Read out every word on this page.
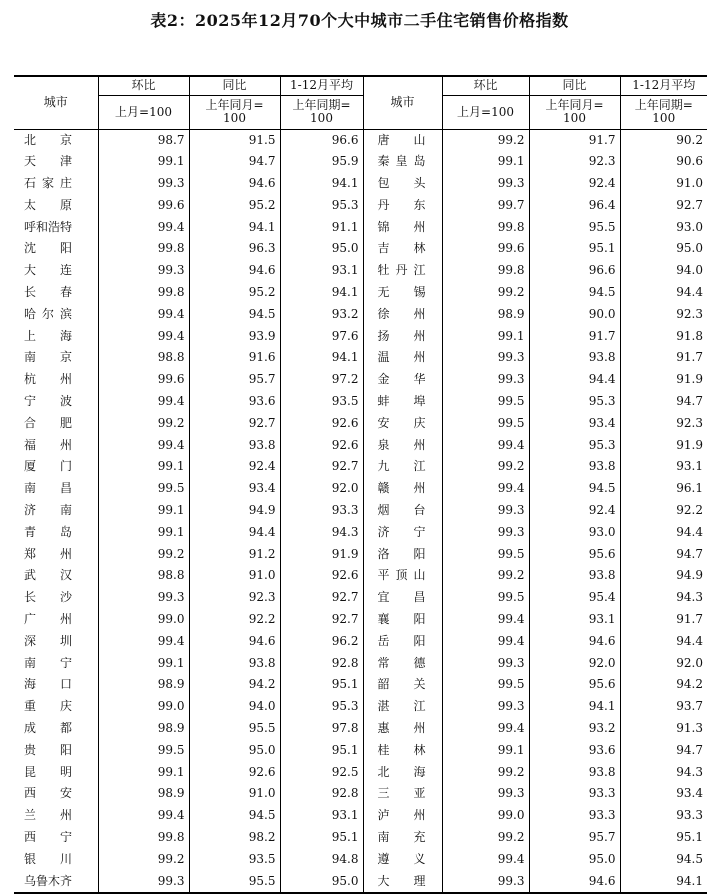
表2：2025年12月70个大中城市二手住宅销售价格指数
城市	环比	同比	1-12月平均	城市	环比	同比	1-12月平均
	上月=100	上年同月=100	上年同期=100		上月=100	上年同月=100	上年同期=100

北 京	98.7	91.5	96.6	唐 山	99.2	91.7	90.2
天 津	99.1	94.7	95.9	秦 皇 岛	99.1	92.3	90.6
石 家 庄	99.3	94.6	94.1	包 头	99.3	92.4	91.0
太 原	99.6	95.2	95.3	丹 东	99.7	96.4	92.7
呼和浩特	99.4	94.1	91.1	锦 州	99.8	95.5	93.0
沈 阳	99.8	96.3	95.0	吉 林	99.6	95.1	95.0
大 连	99.3	94.6	93.1	牡 丹 江	99.8	96.6	94.0
长 春	99.8	95.2	94.1	无 锡	99.2	94.5	94.4
哈 尔 滨	99.4	94.5	93.2	徐 州	98.9	90.0	92.3
上 海	99.4	93.9	97.6	扬 州	99.1	91.7	91.8
南 京	98.8	91.6	94.1	温 州	99.3	93.8	91.7
杭 州	99.6	95.7	97.2	金 华	99.3	94.4	91.9
宁 波	99.4	93.6	93.5	蚌 埠	99.5	95.3	94.7
合 肥	99.2	92.7	92.6	安 庆	99.5	93.4	92.3
福 州	99.4	93.8	92.6	泉 州	99.4	95.3	91.9
厦 门	99.1	92.4	92.7	九 江	99.2	93.8	93.1
南 昌	99.5	93.4	92.0	赣 州	99.4	94.5	96.1
济 南	99.1	94.9	93.3	烟 台	99.3	92.4	92.2
青 岛	99.1	94.4	94.3	济 宁	99.3	93.0	94.4
郑 州	99.2	91.2	91.9	洛 阳	99.5	95.6	94.7
武 汉	98.8	91.0	92.6	平 顶 山	99.2	93.8	94.9
长 沙	99.3	92.3	92.7	宜 昌	99.5	95.4	94.3
广 州	99.0	92.2	92.7	襄 阳	99.4	93.1	91.7
深 圳	99.4	94.6	96.2	岳 阳	99.4	94.6	94.4
南 宁	99.1	93.8	92.8	常 德	99.3	92.0	92.0
海 口	98.9	94.2	95.1	韶 关	99.5	95.6	94.2
重 庆	99.0	94.0	95.3	湛 江	99.3	94.1	93.7
成 都	98.9	95.5	97.8	惠 州	99.4	93.2	91.3
贵 阳	99.5	95.0	95.1	桂 林	99.1	93.6	94.7
昆 明	99.1	92.6	92.5	北 海	99.2	93.8	94.3
西 安	98.9	91.0	92.8	三 亚	99.3	93.3	93.4
兰 州	99.4	94.5	93.1	泸 州	99.0	93.3	93.3
西 宁	99.8	98.2	95.1	南 充	99.2	95.7	95.1
银 川	99.2	93.5	94.8	遵 义	99.4	95.0	94.5
乌鲁木齐	99.3	95.5	95.0	大 理	99.3	94.6	94.1
